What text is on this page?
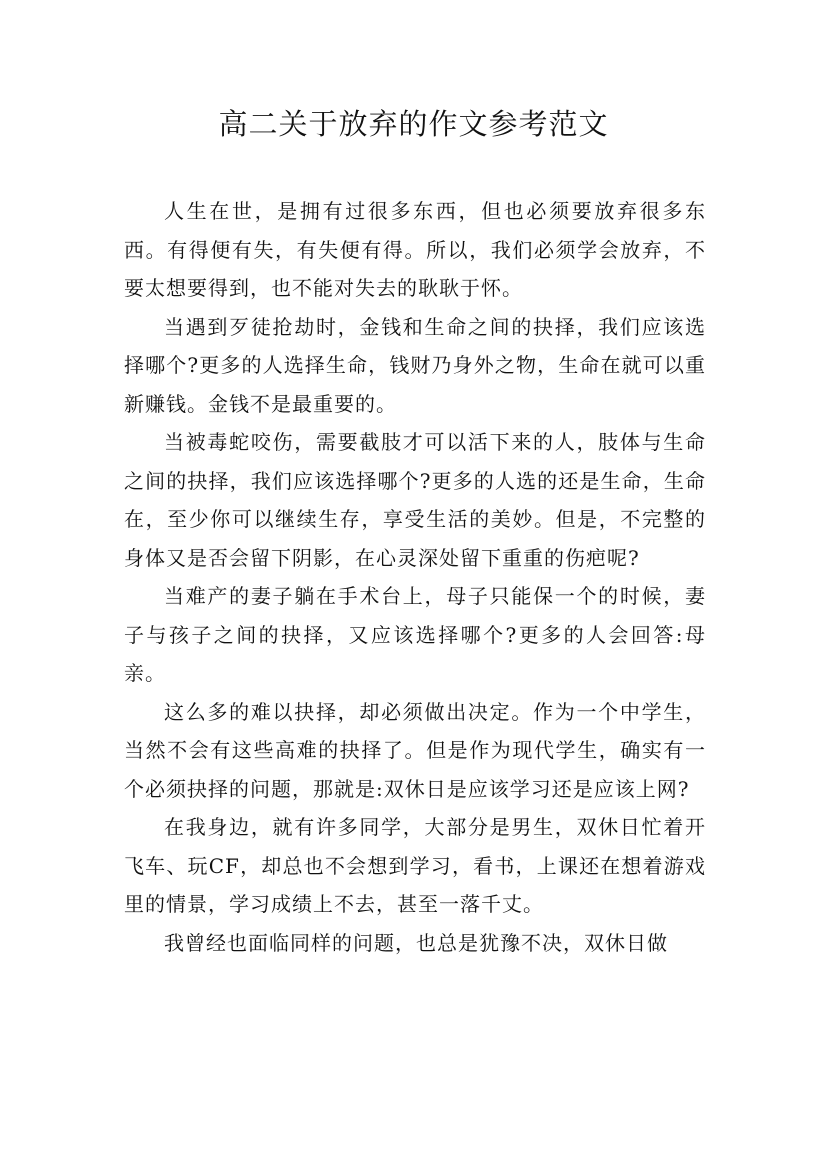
高二关于放弃的作文参考范文

人生在世，是拥有过很多东西，但也必须要放弃很多东西。有得便有失，有失便有得。所以，我们必须学会放弃，不要太想要得到，也不能对失去的耿耿于怀。

当遇到歹徒抢劫时，金钱和生命之间的抉择，我们应该选择哪个?更多的人选择生命，钱财乃身外之物，生命在就可以重新赚钱。金钱不是最重要的。

当被毒蛇咬伤，需要截肢才可以活下来的人，肢体与生命之间的抉择，我们应该选择哪个?更多的人选的还是生命，生命在，至少你可以继续生存，享受生活的美妙。但是，不完整的身体又是否会留下阴影，在心灵深处留下重重的伤疤呢?

当难产的妻子躺在手术台上，母子只能保一个的时候，妻子与孩子之间的抉择，又应该选择哪个?更多的人会回答:母亲。

这么多的难以抉择，却必须做出决定。作为一个中学生，当然不会有这些高难的抉择了。但是作为现代学生，确实有一个必须抉择的问题，那就是:双休日是应该学习还是应该上网?

在我身边，就有许多同学，大部分是男生，双休日忙着开飞车、玩CF，却总也不会想到学习，看书，上课还在想着游戏里的情景，学习成绩上不去，甚至一落千丈。

我曾经也面临同样的问题，也总是犹豫不决，双休日做
